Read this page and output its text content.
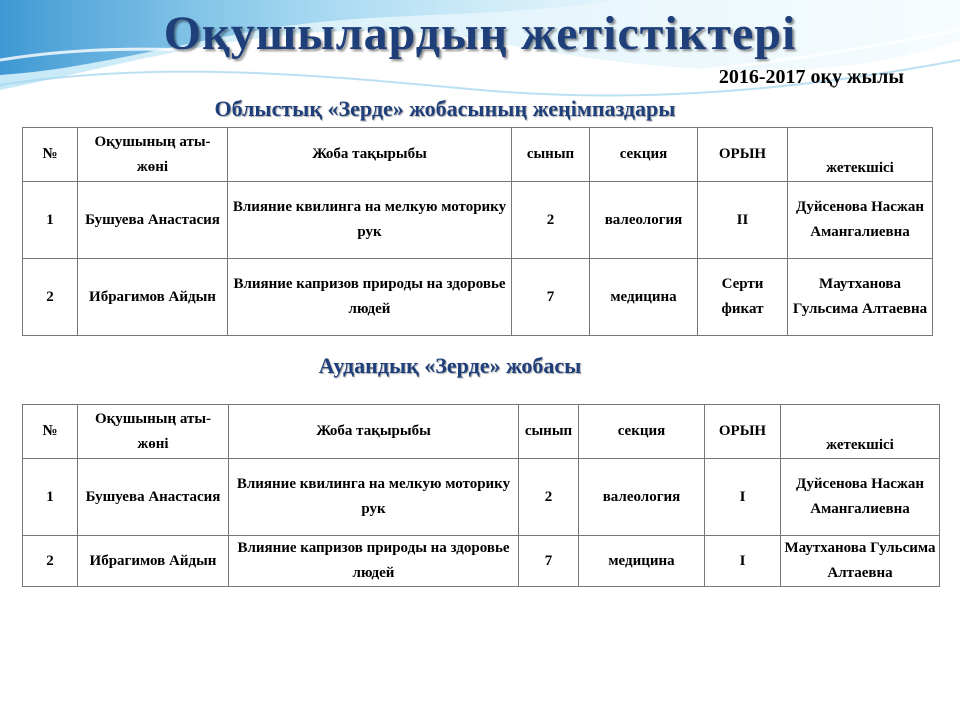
Оқушылардың жетістіктері
2016-2017 оқу жылы
Облыстық «Зерде» жобасының жеңімпаздары
№	Оқушының аты-жөні	Жоба тақырыбы	сынып	секция	ОРЫН	жетекшісі
1	Бушуева Анастасия	Влияние квилинга на мелкую моторику рук	2	валеология	II	Дуйсенова Насжан Амангалиевна
2	Ибрагимов Айдын	Влияние капризов природы на здоровье людей	7	медицина	Серти фикат	Маутханова Гульсима Алтаевна
Аудандық «Зерде» жобасы
№	Оқушының аты-жөні	Жоба тақырыбы	сынып	секция	ОРЫН	жетекшісі
1	Бушуева Анастасия	Влияние квилинга на мелкую моторику рук	2	валеология	I	Дуйсенова Насжан Амангалиевна
2	Ибрагимов Айдын	Влияние капризов природы на здоровье людей	7	медицина	I	Маутханова Гульсима Алтаевна
